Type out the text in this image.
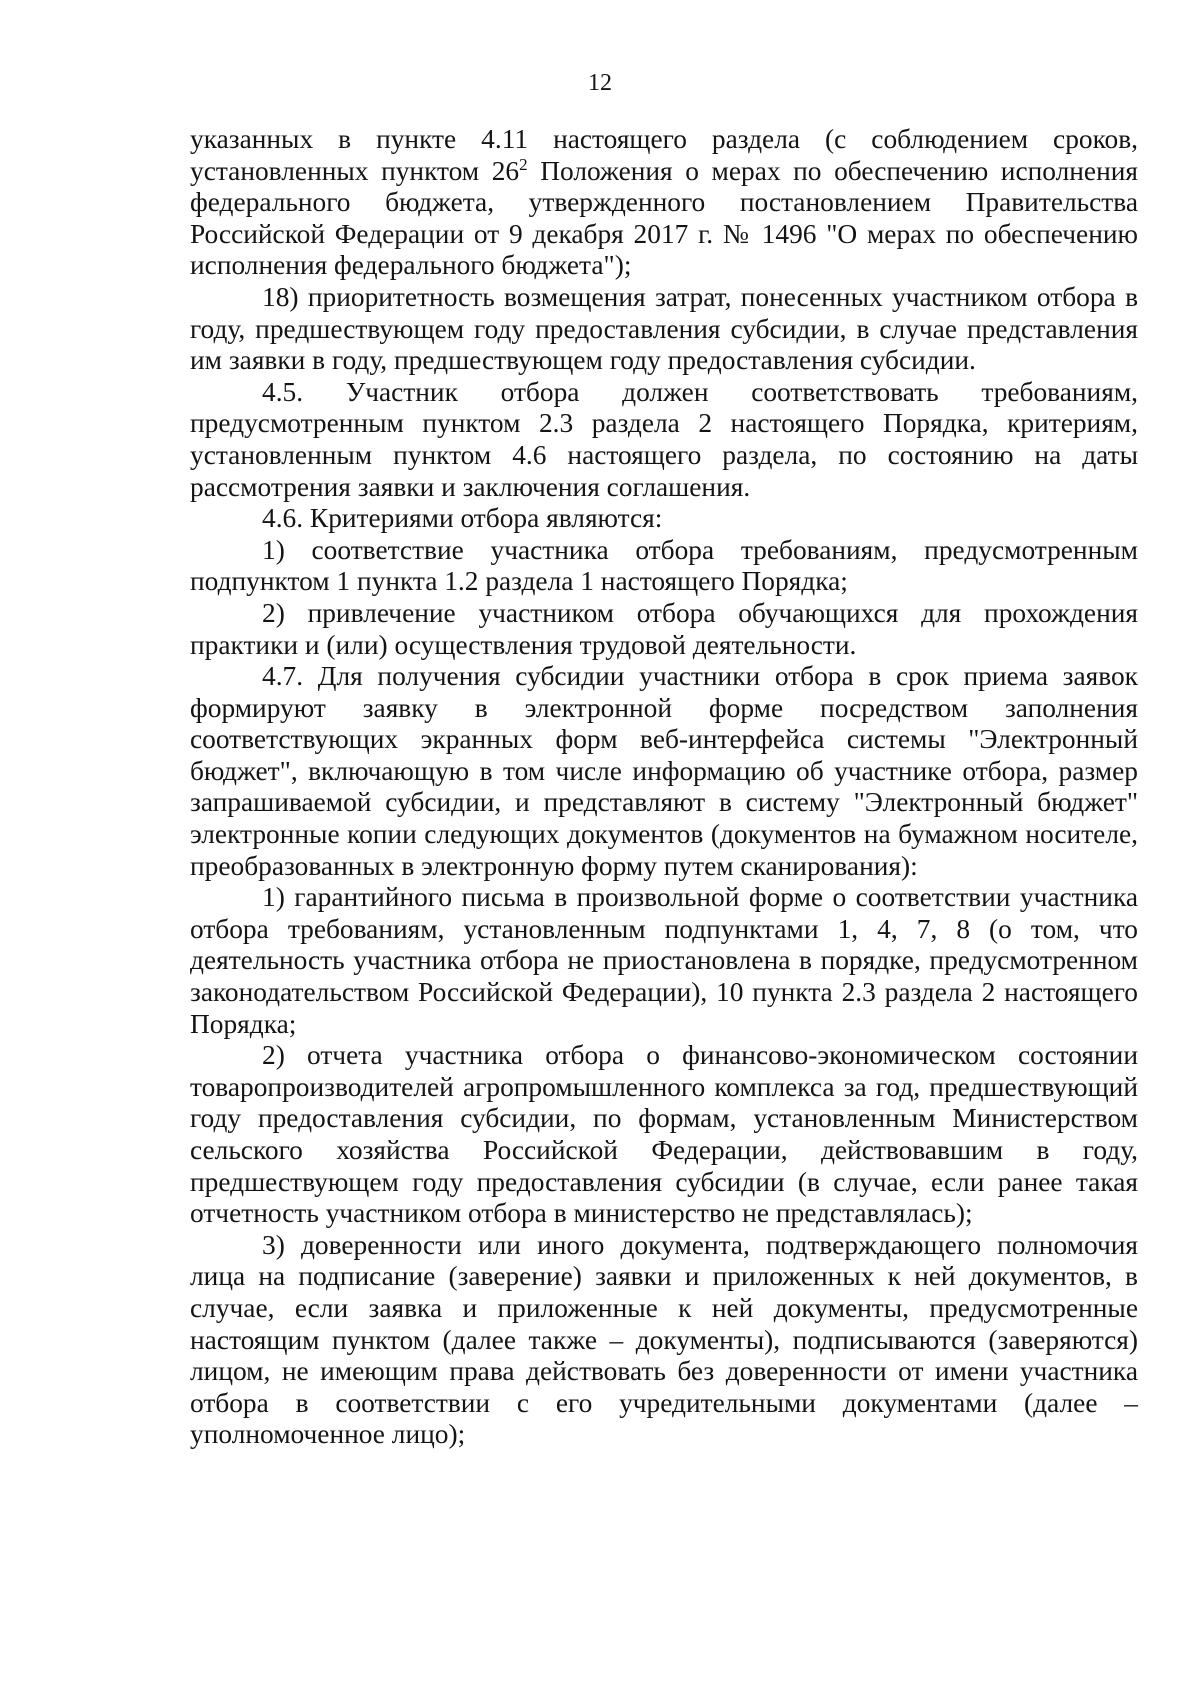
12

указанных в пункте 4.11 настоящего раздела (с соблюдением сроков, установленных пунктом $26^2$ Положения о мерах по обеспечению исполнения федерального бюджета, утвержденного постановлением Правительства Российской Федерации от 9 декабря 2017 г. № 1496 "О мерах по обеспечению исполнения федерального бюджета");

18) приоритетность возмещения затрат, понесенных участником отбора в году, предшествующем году предоставления субсидии, в случае представления им заявки в году, предшествующем году предоставления субсидии.

4.5. Участник отбора должен соответствовать требованиям, предусмотренным пунктом 2.3 раздела 2 настоящего Порядка, критериям, установленным пунктом 4.6 настоящего раздела, по состоянию на даты рассмотрения заявки и заключения соглашения.

4.6. Критериями отбора являются:

1) соответствие участника отбора требованиям, предусмотренным подпунктом 1 пункта 1.2 раздела 1 настоящего Порядка;

2) привлечение участником отбора обучающихся для прохождения практики и (или) осуществления трудовой деятельности.

4.7. Для получения субсидии участники отбора в срок приема заявок формируют заявку в электронной форме посредством заполнения соответствующих экранных форм веб-интерфейса системы "Электронный бюджет", включающую в том числе информацию об участнике отбора, размер запрашиваемой субсидии, и представляют в систему "Электронный бюджет" электронные копии следующих документов (документов на бумажном носителе, преобразованных в электронную форму путем сканирования):

1) гарантийного письма в произвольной форме о соответствии участника отбора требованиям, установленным подпунктами 1, 4, 7, 8 (о том, что деятельность участника отбора не приостановлена в порядке, предусмотренном законодательством Российской Федерации), 10 пункта 2.3 раздела 2 настоящего Порядка;

2) отчета участника отбора о финансово-экономическом состоянии товаропроизводителей агропромышленного комплекса за год, предшествующий году предоставления субсидии, по формам, установленным Министерством сельского хозяйства Российской Федерации, действовавшим в году, предшествующем году предоставления субсидии (в случае, если ранее такая отчетность участником отбора в министерство не представлялась);

3) доверенности или иного документа, подтверждающего полномочия лица на подписание (заверение) заявки и приложенных к ней документов, в случае, если заявка и приложенные к ней документы, предусмотренные настоящим пунктом (далее также – документы), подписываются (заверяются) лицом, не имеющим права действовать без доверенности от имени участника отбора в соответствии с его учредительными документами (далее – уполномоченное лицо);
